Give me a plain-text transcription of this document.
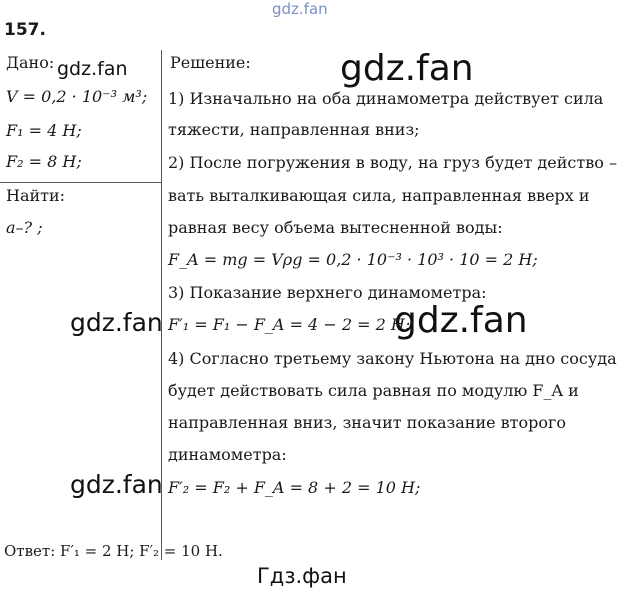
gdz.fan
157.
Дано: gdz.fan
V = 0,2 · 10⁻³ м³;
F₁ = 4 Н;
F₂ = 8 Н;
Найти:
a–? ;
Решение: gdz.fan
1) Изначально на оба динамометра действует сила
тяжести, направленная вниз;
2) После погружения в воду, на груз будет действо –
вать выталкивающая сила, направленная вверх и
равная весу объема вытесненной воды:
F_A = mg = Vρg = 0,2 · 10⁻³ · 10³ · 10 = 2 Н;
3) Показание верхнего динамометра:
gdz.fan F′₁ = F₁ − F_A = 4 − 2 = 2 Н;
gdz.fan
4) Согласно третьему закону Ньютона на дно сосуда
будет действовать сила равная по модулю F_A и
направленная вниз, значит показание второго
динамометра:
gdz.fan F′₂ = F₂ + F_A = 8 + 2 = 10 Н;
Ответ: F′₁ = 2 Н; F′₂ = 10 Н.
Гдз.фан
